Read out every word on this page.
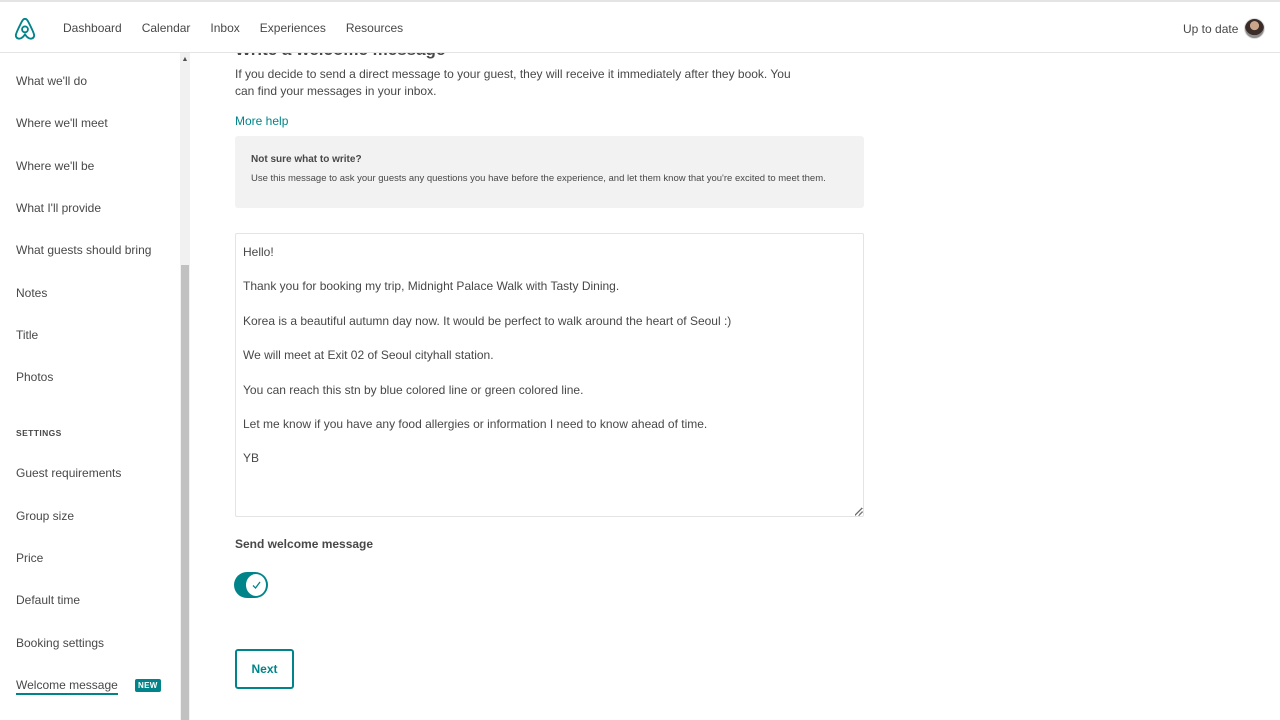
Dashboard Calendar Inbox Experiences Resources	Up to date
What we'll do
Where we'll meet
Where we'll be
What I'll provide
What guests should bring
Notes
Title
Photos
SETTINGS
Guest requirements
Group size
Price
Default time
Booking settings
Welcome message	NEW
▲
If you decide to send a direct message to your guest, they will receive it immediately after they book. You can find your messages in your inbox.
More help
Not sure what to write?
Use this message to ask your guests any questions you have before the experience, and let them know that you're excited to meet them.
Hello! Thank you for booking my trip, Midnight Palace Walk with Tasty Dining. Korea is a beautiful autumn day now. It would be perfect to walk around the heart of Seoul :) We will meet at Exit 02 of Seoul cityhall station. You can reach this stn by blue colored line or green colored line. Let me know if you have any food allergies or information I need to know ahead of time. YB
Send welcome message
Next
